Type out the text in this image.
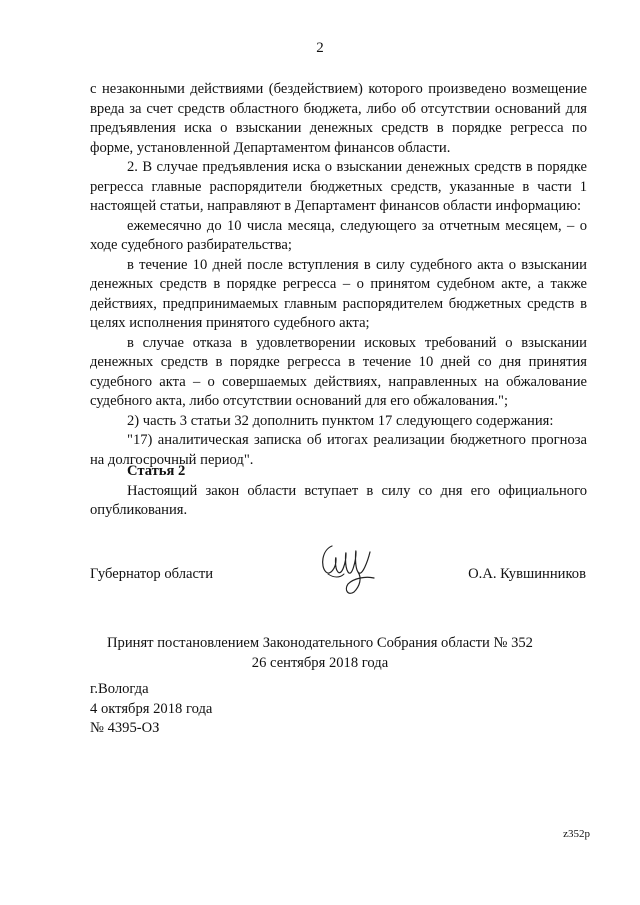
2

с незаконными действиями (бездействием) которого произведено возмещение вреда за счет средств областного бюджета, либо об отсутствии оснований для предъявления иска о взыскании денежных средств в порядке регресса по форме, установленной Департаментом финансов области.

2. В случае предъявления иска о взыскании денежных средств в порядке регресса главные распорядители бюджетных средств, указанные в части 1 настоящей статьи, направляют в Департамент финансов области информацию:

ежемесячно до 10 числа месяца, следующего за отчетным месяцем, – о ходе судебного разбирательства;

в течение 10 дней после вступления в силу судебного акта о взыскании денежных средств в порядке регресса – о принятом судебном акте, а также действиях, предпринимаемых главным распорядителем бюджетных средств в целях исполнения принятого судебного акта;

в случае отказа в удовлетворении исковых требований о взыскании денежных средств в порядке регресса в течение 10 дней со дня принятия судебного акта – о совершаемых действиях, направленных на обжалование судебного акта, либо отсутствии оснований для его обжалования.";

2) часть 3 статьи 32 дополнить пунктом 17 следующего содержания:

"17) аналитическая записка об итогах реализации бюджетного прогноза на долгосрочный период".

Статья 2

Настоящий закон области вступает в силу со дня его официального опубликования.

Губернатор области	О.А. Кувшинников
Принят постановлением Законодательного Собрания области № 352
26 сентября 2018 года
г.Вологда
4 октября 2018 года
№ 4395-ОЗ
z352р
